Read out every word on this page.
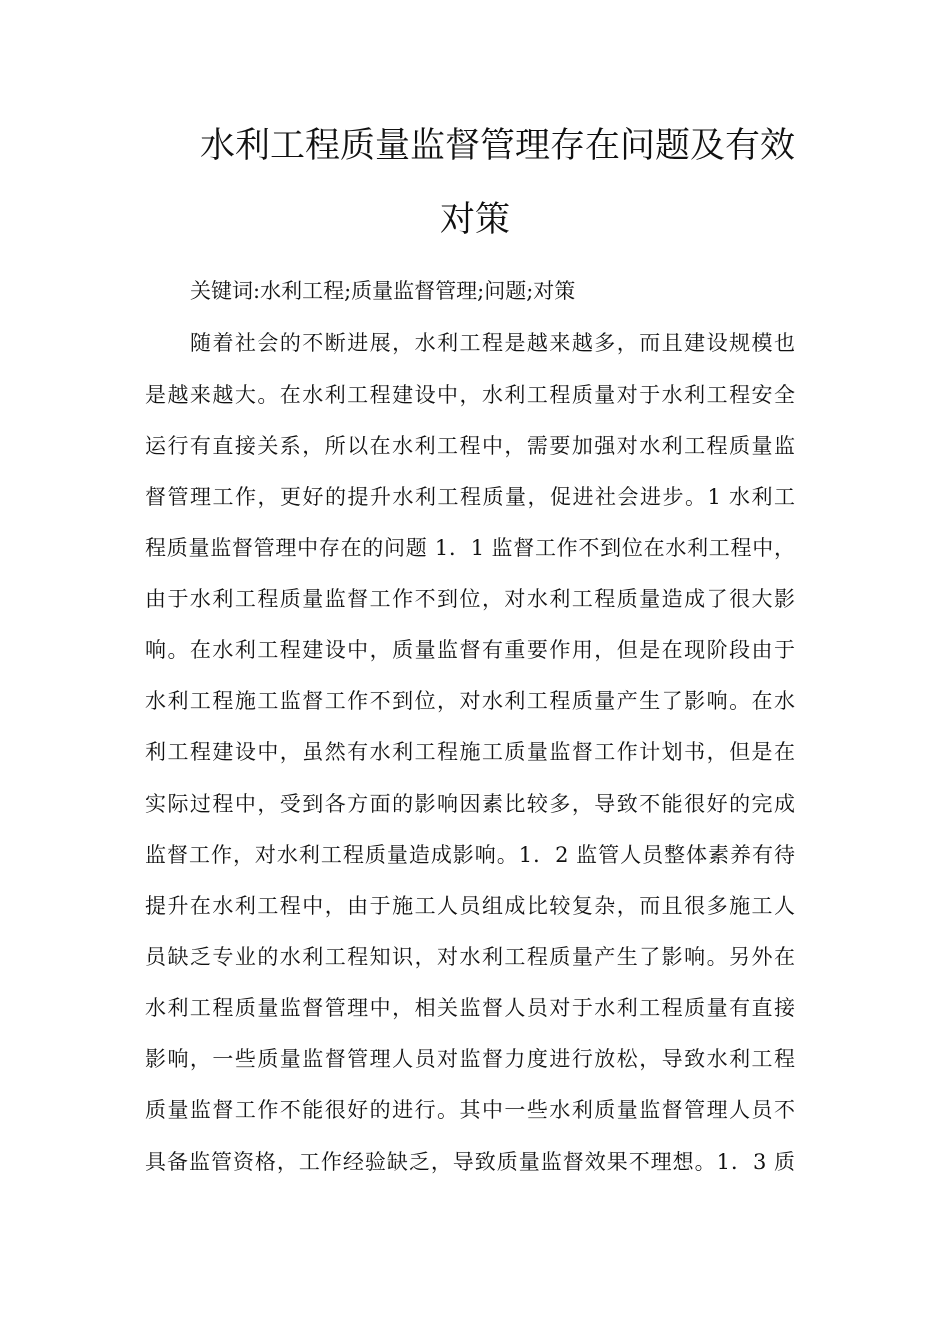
水利工程质量监督管理存在问题及有效
对策
关键词:水利工程;质量监督管理;问题;对策
随着社会的不断进展，水利工程是越来越多，而且建设规模也
是越来越大。在水利工程建设中，水利工程质量对于水利工程安全
运行有直接关系，所以在水利工程中，需要加强对水利工程质量监
督管理工作，更好的提升水利工程质量，促进社会进步。1 水利工
程质量监督管理中存在的问题 1．1 监督工作不到位在水利工程中，
由于水利工程质量监督工作不到位，对水利工程质量造成了很大影
响。在水利工程建设中，质量监督有重要作用，但是在现阶段由于
水利工程施工监督工作不到位，对水利工程质量产生了影响。在水
利工程建设中，虽然有水利工程施工质量监督工作计划书，但是在
实际过程中，受到各方面的影响因素比较多，导致不能很好的完成
监督工作，对水利工程质量造成影响。1．2 监管人员整体素养有待
提升在水利工程中，由于施工人员组成比较复杂，而且很多施工人
员缺乏专业的水利工程知识，对水利工程质量产生了影响。另外在
水利工程质量监督管理中，相关监督人员对于水利工程质量有直接
影响，一些质量监督管理人员对监督力度进行放松，导致水利工程
质量监督工作不能很好的进行。其中一些水利质量监督管理人员不
具备监管资格，工作经验缺乏，导致质量监督效果不理想。1．3 质
